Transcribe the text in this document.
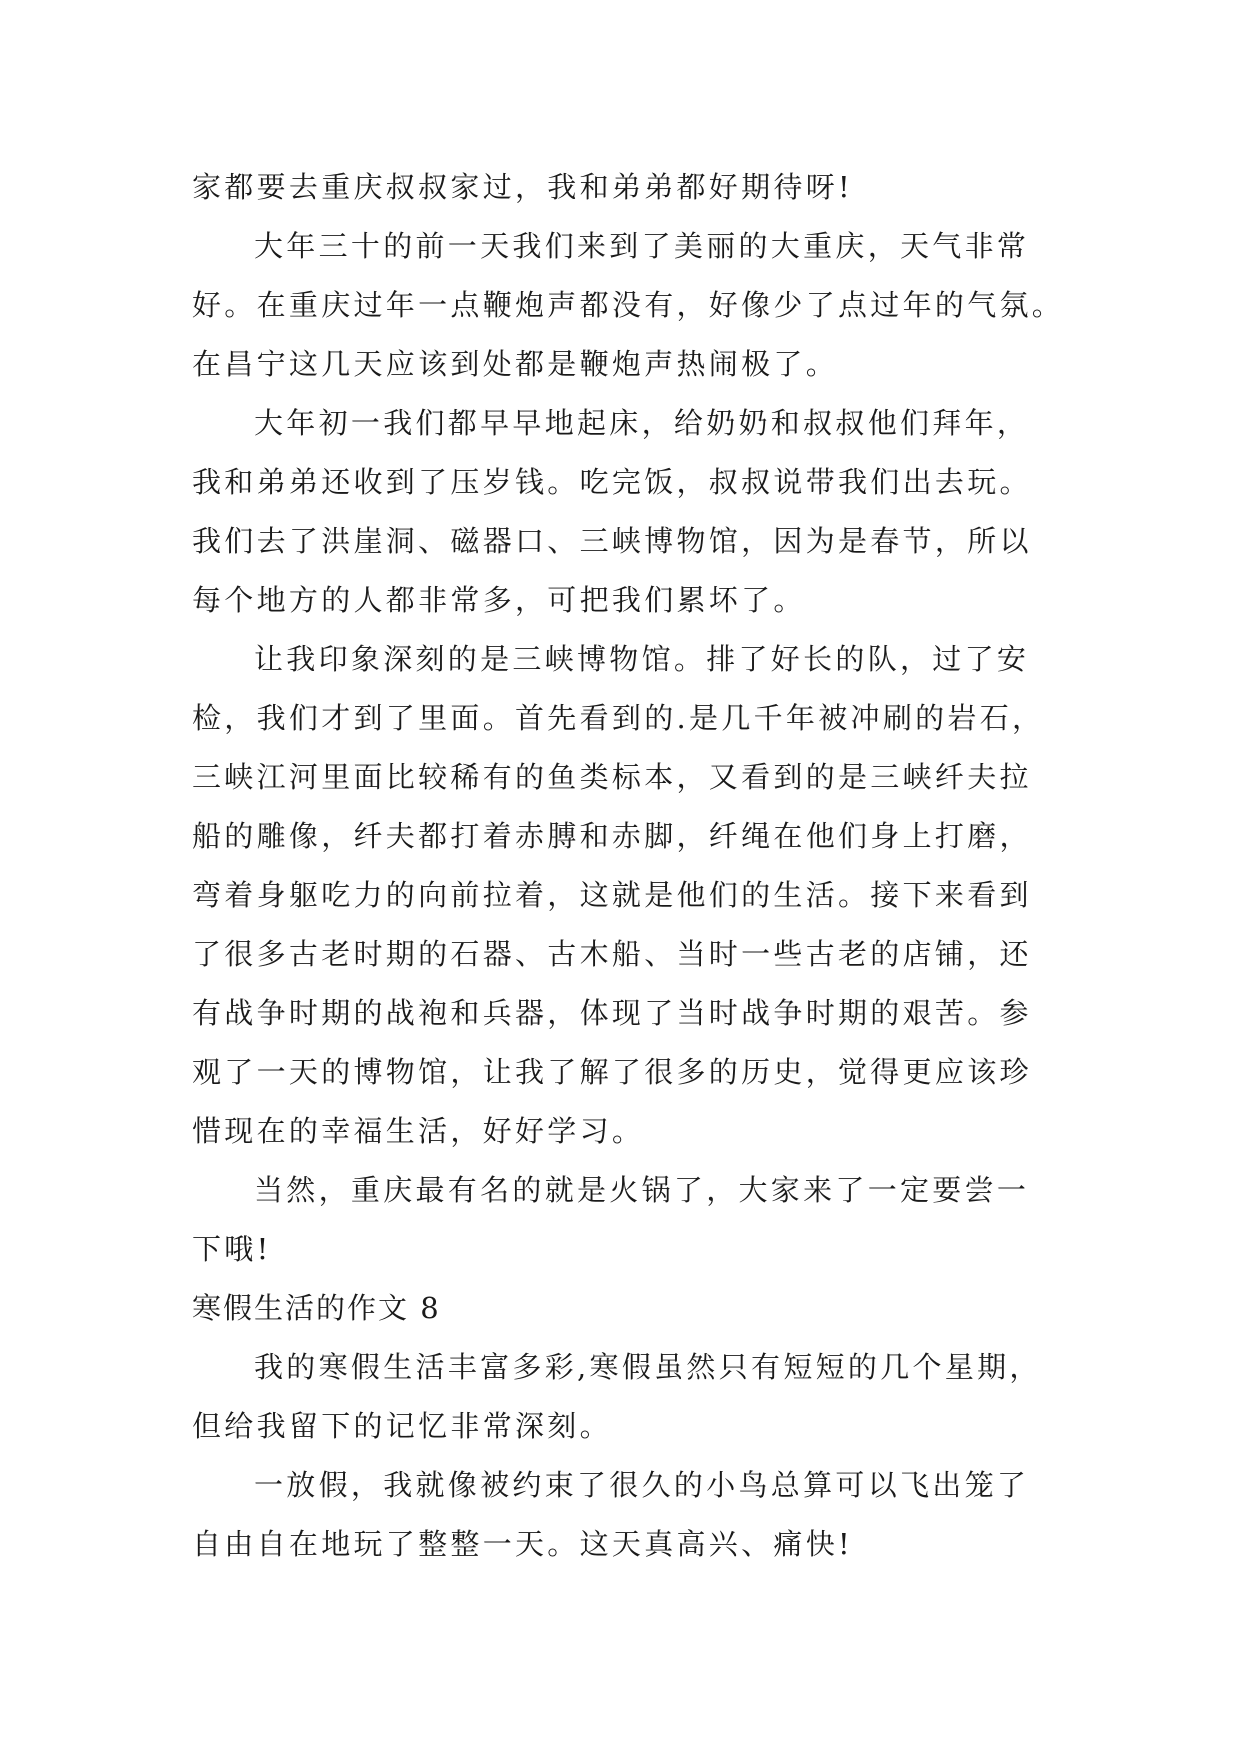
家都要去重庆叔叔家过，我和弟弟都好期待呀!
大年三十的前一天我们来到了美丽的大重庆，天气非常
好。在重庆过年一点鞭炮声都没有，好像少了点过年的气氛。
在昌宁这几天应该到处都是鞭炮声热闹极了。
大年初一我们都早早地起床，给奶奶和叔叔他们拜年，
我和弟弟还收到了压岁钱。吃完饭，叔叔说带我们出去玩。
我们去了洪崖洞、磁器口、三峡博物馆，因为是春节，所以
每个地方的人都非常多，可把我们累坏了。
让我印象深刻的是三峡博物馆。排了好长的队，过了安
检，我们才到了里面。首先看到的.是几千年被冲刷的岩石，
三峡江河里面比较稀有的鱼类标本，又看到的是三峡纤夫拉
船的雕像，纤夫都打着赤膊和赤脚，纤绳在他们身上打磨，
弯着身躯吃力的向前拉着，这就是他们的生活。接下来看到
了很多古老时期的石器、古木船、当时一些古老的店铺，还
有战争时期的战袍和兵器，体现了当时战争时期的艰苦。参
观了一天的博物馆，让我了解了很多的历史，觉得更应该珍
惜现在的幸福生活，好好学习。
当然，重庆最有名的就是火锅了，大家来了一定要尝一
下哦!
寒假生活的作文 8
我的寒假生活丰富多彩,寒假虽然只有短短的几个星期，
但给我留下的记忆非常深刻。
一放假，我就像被约束了很久的小鸟总算可以飞出笼了
自由自在地玩了整整一天。这天真高兴、痛快!
